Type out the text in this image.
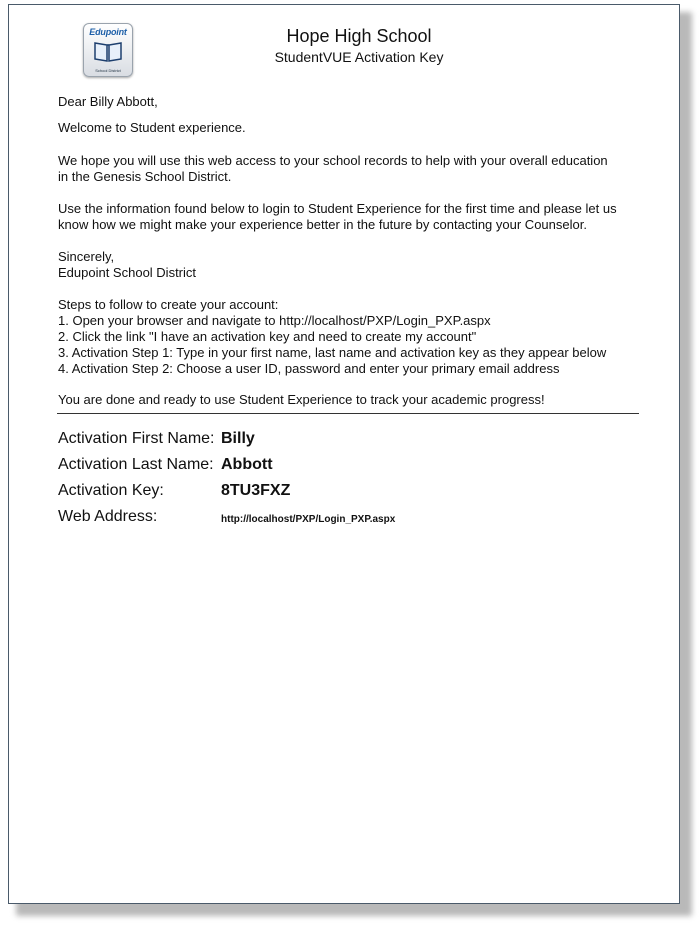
Edupoint
School District
Hope High School
StudentVUE Activation Key

Dear Billy Abbott,

Welcome to Student experience.

We hope you will use this web access to your school records to help with your overall education

in the Genesis School District.

Use the information found below to login to Student Experience for the first time and please let us

know how we might make your experience better in the future by contacting your Counselor.

Sincerely,

Edupoint School District

Steps to follow to create your account:

1. Open your browser and navigate to http://localhost/PXP/Login_PXP.aspx

2. Click the link "I have an activation key and need to create my account"

3. Activation Step 1: Type in your first name, last name and activation key as they appear below

4. Activation Step 2: Choose a user ID, password and enter your primary email address

You are done and ready to use Student Experience to track your academic progress!

Activation First Name: Billy
Activation Last Name: Abbott
Activation Key:	8TU3FXZ
Web Address:	http://localhost/PXP/Login_PXP.aspx
